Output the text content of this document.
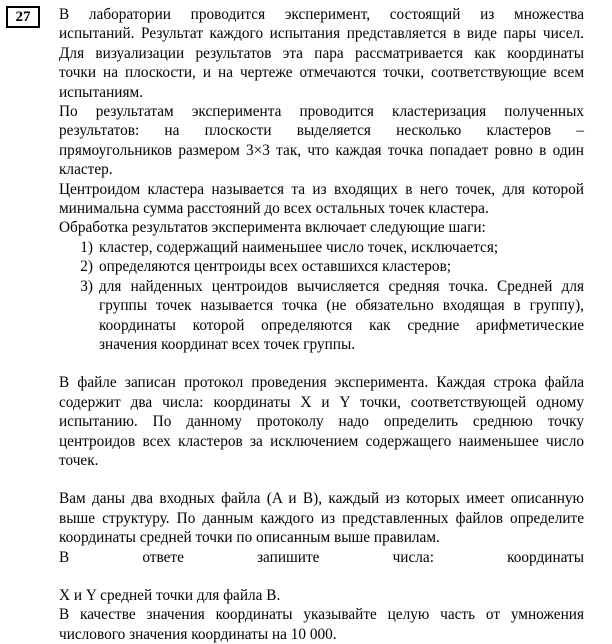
27	В лаборатории проводится эксперимент, состоящий из множества

испытаний. Результат каждого испытания представляется в виде пары чисел.

Для визуализации результатов эта пара рассматривается как координаты

точки на плоскости, и на чертеже отмечаются точки, соответствующие всем

испытаниям.

По результатам эксперимента проводится кластеризация полученных

результатов: на плоскости выделяется несколько кластеров –

прямоугольников размером 3×3 так, что каждая точка попадает ровно в один

кластер.

Центроидом кластера называется та из входящих в него точек, для которой

минимальна сумма расстояний до всех остальных точек кластера.

Обработка результатов эксперимента включает следующие шаги:

1) кластер, содержащий наименьшее число точек, исключается;

2) определяются центроиды всех оставшихся кластеров;

3) для найденных центроидов вычисляется средняя точка. Средней для

группы точек называется точка (не обязательно входящая в группу),

координаты которой определяются как средние арифметические

значения координат всех точек группы.

В файле записан протокол проведения эксперимента. Каждая строка файла

содержит два числа: координаты X и Y точки, соответствующей одному

испытанию. По данному протоколу надо определить среднюю точку

центроидов всех кластеров за исключением содержащего наименьшее число

точек.

Вам даны два входных файла (A и B), каждый из которых имеет описанную

выше структуру. По данным каждого из представленных файлов определите

координаты средней точки по описанным выше правилам.

В ответе запишите числа: координаты

X и Y средней точки для файла B.

В качестве значения координаты указывайте целую часть от умножения

числового значения координаты на 10 000.
